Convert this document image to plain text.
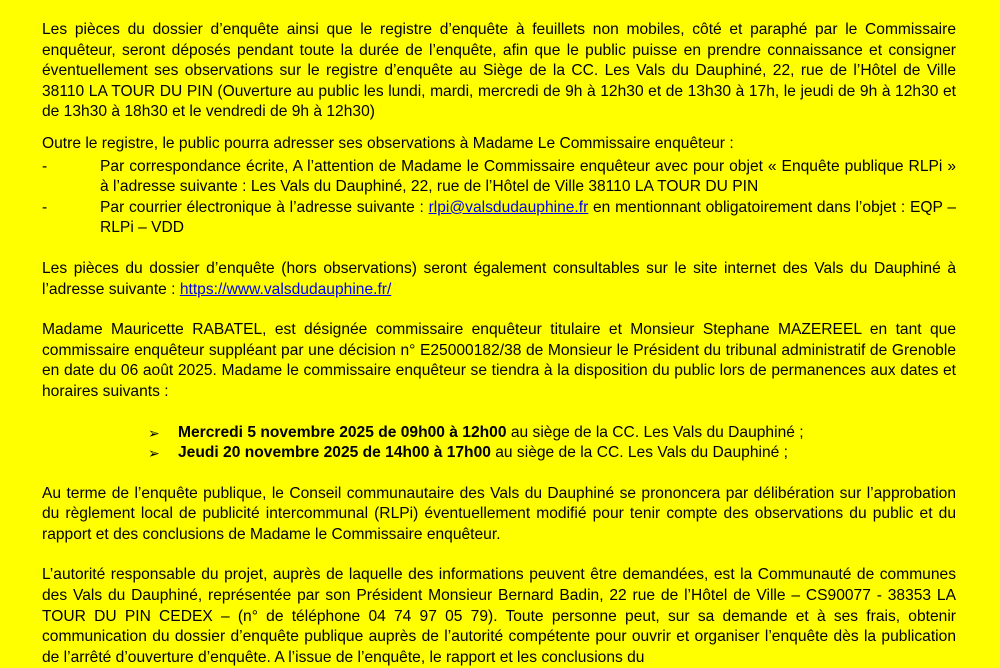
Les pièces du dossier d’enquête ainsi que le registre d’enquête à feuillets non mobiles, côté et paraphé par le Commissaire enquêteur, seront déposés pendant toute la durée de l’enquête, afin que le public puisse en prendre connaissance et consigner éventuellement ses observations sur le registre d’enquête au Siège de la CC. Les Vals du Dauphiné, 22, rue de l’Hôtel de Ville 38110 LA TOUR DU PIN (Ouverture au public les lundi, mardi, mercredi de 9h à 12h30 et de 13h30 à 17h, le jeudi de 9h à 12h30 et de 13h30 à 18h30 et le vendredi de 9h à 12h30)

Outre le registre, le public pourra adresser ses observations à Madame Le Commissaire enquêteur :

-	Par correspondance écrite, A l’attention de Madame le Commissaire enquêteur avec pour objet « Enquête publique RLPi » à l’adresse suivante : Les Vals du Dauphiné, 22, rue de l’Hôtel de Ville 38110 LA TOUR DU PIN
-	Par courrier électronique à l’adresse suivante : rlpi@valsdudauphine.fr en mentionnant obligatoirement dans l’objet : EQP – RLPi – VDD

Les pièces du dossier d’enquête (hors observations) seront également consultables sur le site internet des Vals du Dauphiné à l’adresse suivante : https://www.valsdudauphine.fr/

Madame Mauricette RABATEL, est désignée commissaire enquêteur titulaire et Monsieur Stephane MAZEREEL en tant que commissaire enquêteur suppléant par une décision n° E25000182/38 de Monsieur le Président du tribunal administratif de Grenoble en date du 06 août 2025. Madame le commissaire enquêteur se tiendra à la disposition du public lors de permanences aux dates et horaires suivants :

➢ Mercredi 5 novembre 2025 de 09h00 à 12h00 au siège de la CC. Les Vals du Dauphiné ;
➢ Jeudi 20 novembre 2025 de 14h00 à 17h00 au siège de la CC. Les Vals du Dauphiné ;

Au terme de l’enquête publique, le Conseil communautaire des Vals du Dauphiné se prononcera par délibération sur l’approbation du règlement local de publicité intercommunal (RLPi) éventuellement modifié pour tenir compte des observations du public et du rapport et des conclusions de Madame le Commissaire enquêteur.

L’autorité responsable du projet, auprès de laquelle des informations peuvent être demandées, est la Communauté de communes des Vals du Dauphiné, représentée par son Président Monsieur Bernard Badin, 22 rue de l’Hôtel de Ville – CS90077 - 38353 LA TOUR DU PIN CEDEX – (n° de téléphone 04 74 97 05 79). Toute personne peut, sur sa demande et à ses frais, obtenir communication du dossier d’enquête publique auprès de l’autorité compétente pour ouvrir et organiser l’enquête dès la publication de l’arrêté d’ouverture d’enquête. A l’issue de l’enquête, le rapport et les conclusions du
